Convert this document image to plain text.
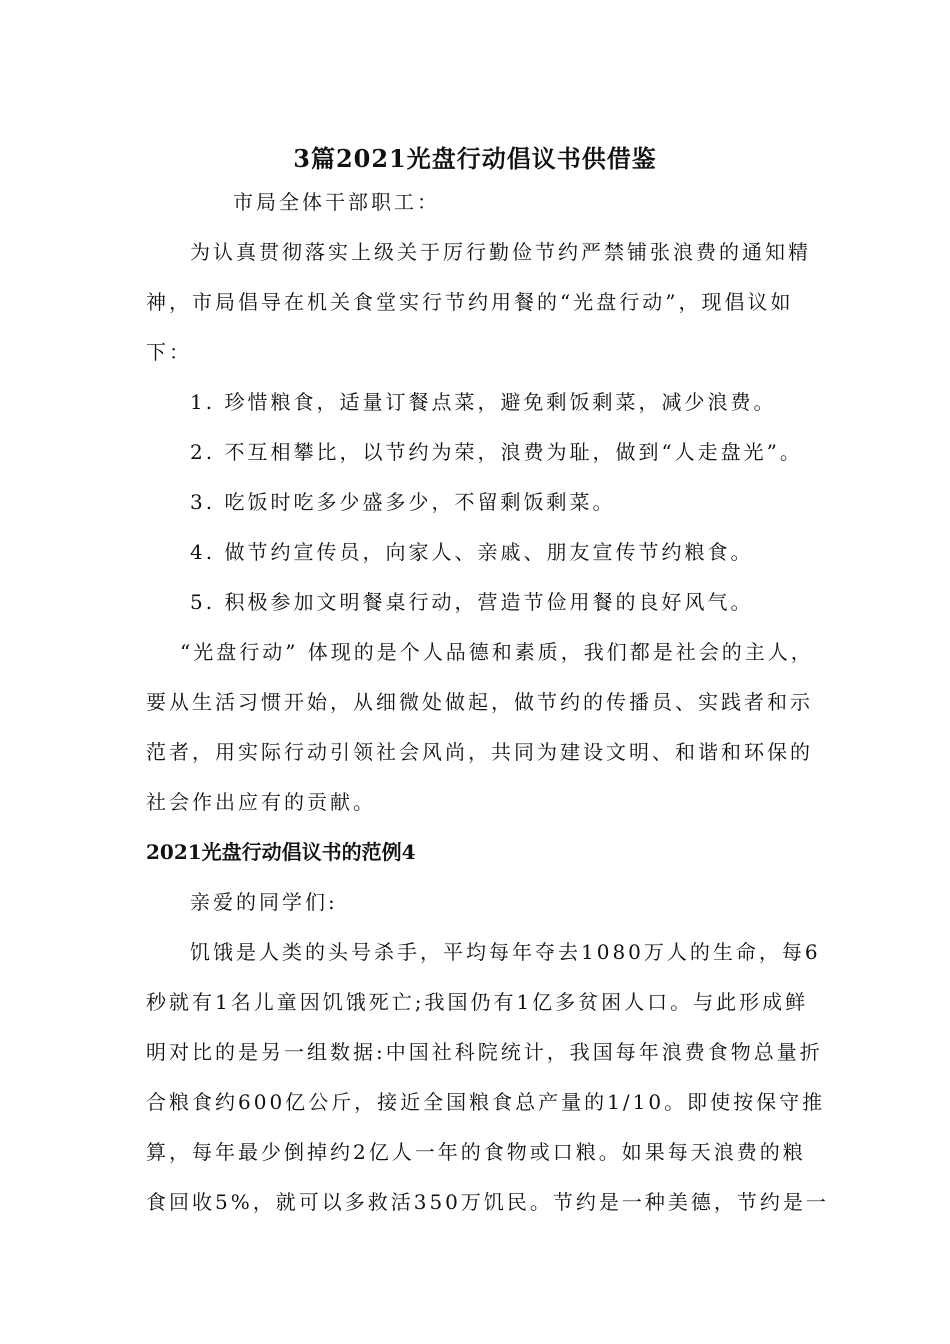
3篇2021光盘行动倡议书供借鉴
市局全体干部职工：
为认真贯彻落实上级关于厉行勤俭节约严禁铺张浪费的通知精
神，市局倡导在机关食堂实行节约用餐的“光盘行动”，现倡议如
下：
1. 珍惜粮食，适量订餐点菜，避免剩饭剩菜，减少浪费。
2. 不互相攀比，以节约为荣，浪费为耻，做到“人走盘光”。
3. 吃饭时吃多少盛多少，不留剩饭剩菜。
4. 做节约宣传员，向家人、亲戚、朋友宣传节约粮食。
5. 积极参加文明餐桌行动，营造节俭用餐的良好风气。
“光盘行动” 体现的是个人品德和素质，我们都是社会的主人，
要从生活习惯开始，从细微处做起，做节约的传播员、实践者和示
范者，用实际行动引领社会风尚，共同为建设文明、和谐和环保的
社会作出应有的贡献。
2021光盘行动倡议书的范例4
亲爱的同学们:
饥饿是人类的头号杀手，平均每年夺去1080万人的生命，每6
秒就有1名儿童因饥饿死亡;我国仍有1亿多贫困人口。与此形成鲜
明对比的是另一组数据:中国社科院统计，我国每年浪费食物总量折
合粮食约600亿公斤，接近全国粮食总产量的1/10。即使按保守推
算，每年最少倒掉约2亿人一年的食物或口粮。如果每天浪费的粮
食回收5%，就可以多救活350万饥民。节约是一种美德，节约是一
